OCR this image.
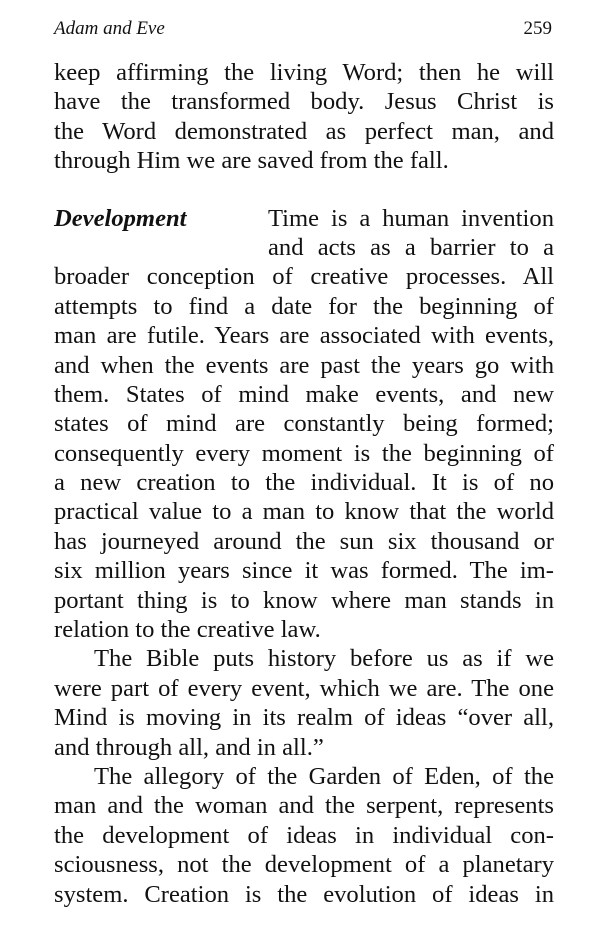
Adam and Eve	259
keep affirming the living Word; then he will
have the transformed body. Jesus Christ is
the Word demonstrated as perfect man, and
through Him we are saved from the fall.
Development	Time is a human invention
and acts as a barrier to a
broader conception of creative processes. All
attempts to find a date for the beginning of
man are futile. Years are associated with events,
and when the events are past the years go with
them. States of mind make events, and new
states of mind are constantly being formed;
consequently every moment is the beginning of
a new creation to the individual. It is of no
practical value to a man to know that the world
has journeyed around the sun six thousand or
six million years since it was formed. The im-
portant thing is to know where man stands in
relation to the creative law.
The Bible puts history before us as if we
were part of every event, which we are. The one
Mind is moving in its realm of ideas “over all,
and through all, and in all.”
The allegory of the Garden of Eden, of the
man and the woman and the serpent, represents
the development of ideas in individual con-
sciousness, not the development of a planetary
system. Creation is the evolution of ideas in
